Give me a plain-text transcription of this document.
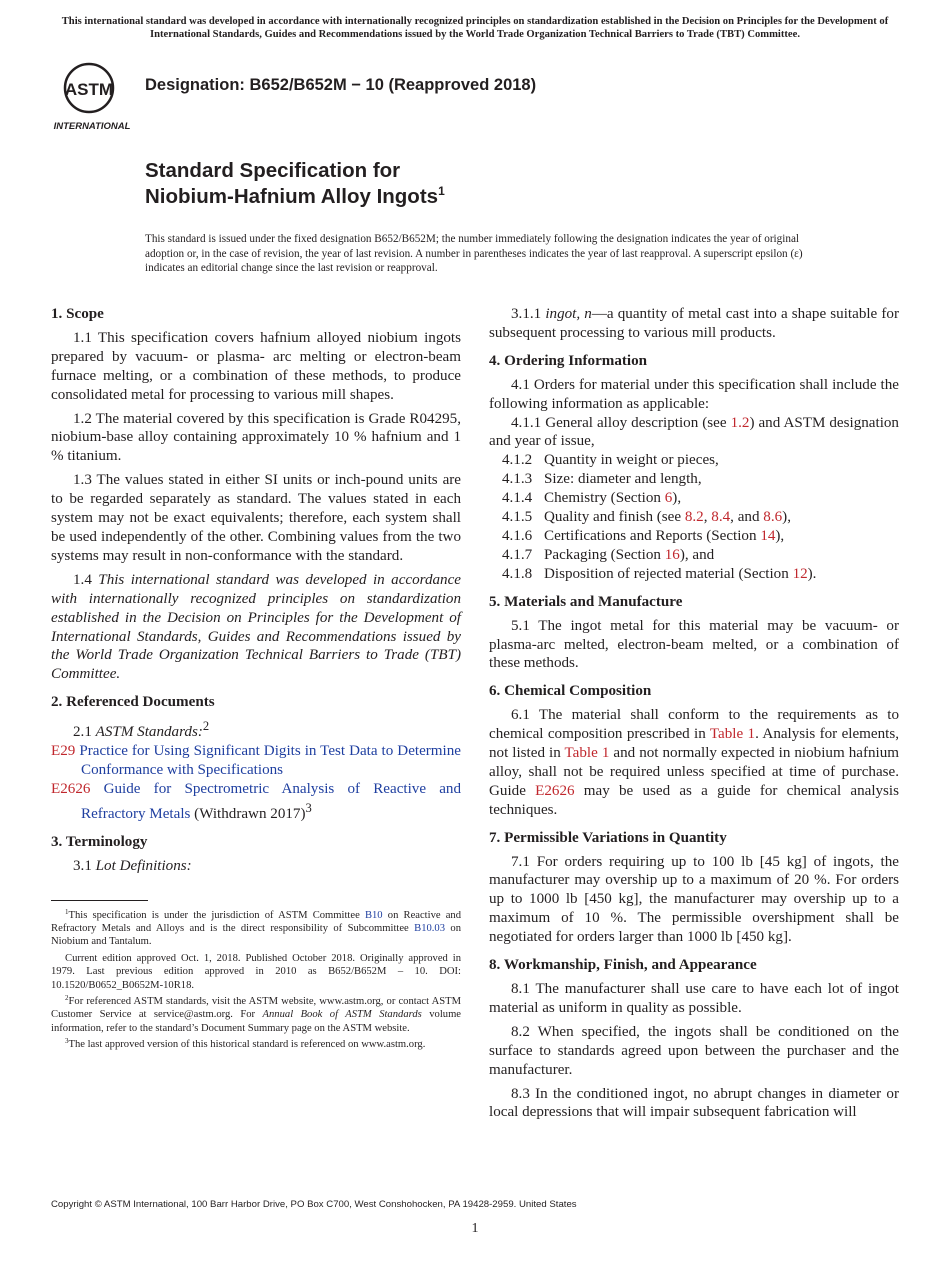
This international standard was developed in accordance with internationally recognized principles on standardization established in the Decision on Principles for the Development of International Standards, Guides and Recommendations issued by the World Trade Organization Technical Barriers to Trade (TBT) Committee.
ASTM
INTERNATIONAL
Designation: B652/B652M − 10 (Reapproved 2018)
Standard Specification for
Niobium-Hafnium Alloy Ingots$^1$
This standard is issued under the fixed designation B652/B652M; the number immediately following the designation indicates the year of original adoption or, in the case of revision, the year of last revision. A number in parentheses indicates the year of last reapproval. A superscript epsilon (ε) indicates an editorial change since the last revision or reapproval.
1. Scope

1.1 This specification covers hafnium alloyed niobium ingots prepared by vacuum- or plasma- arc melting or electron-beam furnace melting, or a combination of these methods, to produce consolidated metal for processing to various mill shapes.

1.2 The material covered by this specification is Grade R04295, niobium-base alloy containing approximately 10 % hafnium and 1 % titanium.

1.3 The values stated in either SI units or inch-pound units are to be regarded separately as standard. The values stated in each system may not be exact equivalents; therefore, each system shall be used independently of the other. Combining values from the two systems may result in non-conformance with the standard.

1.4 This international standard was developed in accordance with internationally recognized principles on standardization established in the Decision on Principles for the Development of International Standards, Guides and Recommendations issued by the World Trade Organization Technical Barriers to Trade (TBT) Committee.

2. Referenced Documents

2.1 ASTM Standards:$^2$

E29 Practice for Using Significant Digits in Test Data to Determine Conformance with Specifications
E2626 Guide for Spectrometric Analysis of Reactive and Refractory Metals (Withdrawn 2017)$^3$
3. Terminology

3.1 Lot Definitions:

$^1$This specification is under the jurisdiction of ASTM Committee B10 on Reactive and Refractory Metals and Alloys and is the direct responsibility of Subcommittee B10.03 on Niobium and Tantalum.

Current edition approved Oct. 1, 2018. Published October 2018. Originally approved in 1979. Last previous edition approved in 2010 as B652/B652M – 10. DOI: 10.1520/B0652_B0652M-10R18.

$^2$For referenced ASTM standards, visit the ASTM website, www.astm.org, or contact ASTM Customer Service at service@astm.org. For Annual Book of ASTM Standards volume information, refer to the standard’s Document Summary page on the ASTM website.

$^3$The last approved version of this historical standard is referenced on www.astm.org.

3.1.1 ingot, n—a quantity of metal cast into a shape suitable for subsequent processing to various mill products.

4. Ordering Information

4.1 Orders for material under this specification shall include the following information as applicable:

4.1.1 General alloy description (see 1.2) and ASTM designation and year of issue,

4.1.2 Quantity in weight or pieces,
4.1.3 Size: diameter and length,
4.1.4 Chemistry (Section 6),
4.1.5 Quality and finish (see 8.2, 8.4, and 8.6),
4.1.6 Certifications and Reports (Section 14),
4.1.7 Packaging (Section 16), and
4.1.8 Disposition of rejected material (Section 12).
5. Materials and Manufacture

5.1 The ingot metal for this material may be vacuum- or plasma-arc melted, electron-beam melted, or a combination of these methods.

6. Chemical Composition

6.1 The material shall conform to the requirements as to chemical composition prescribed in Table 1. Analysis for elements, not listed in Table 1 and not normally expected in niobium hafnium alloy, shall not be required unless specified at time of purchase. Guide E2626 may be used as a guide for chemical analysis techniques.

7. Permissible Variations in Quantity

7.1 For orders requiring up to 100 lb [45 kg] of ingots, the manufacturer may overship up to a maximum of 20 %. For orders up to 1000 lb [450 kg], the manufacturer may overship up to a maximum of 10 %. The permissible overshipment shall be negotiated for orders larger than 1000 lb [450 kg].

8. Workmanship, Finish, and Appearance

8.1 The manufacturer shall use care to have each lot of ingot material as uniform in quality as possible.

8.2 When specified, the ingots shall be conditioned on the surface to standards agreed upon between the purchaser and the manufacturer.

8.3 In the conditioned ingot, no abrupt changes in diameter or local depressions that will impair subsequent fabrication will

Copyright © ASTM International, 100 Barr Harbor Drive, PO Box C700, West Conshohocken, PA 19428-2959. United States
1
